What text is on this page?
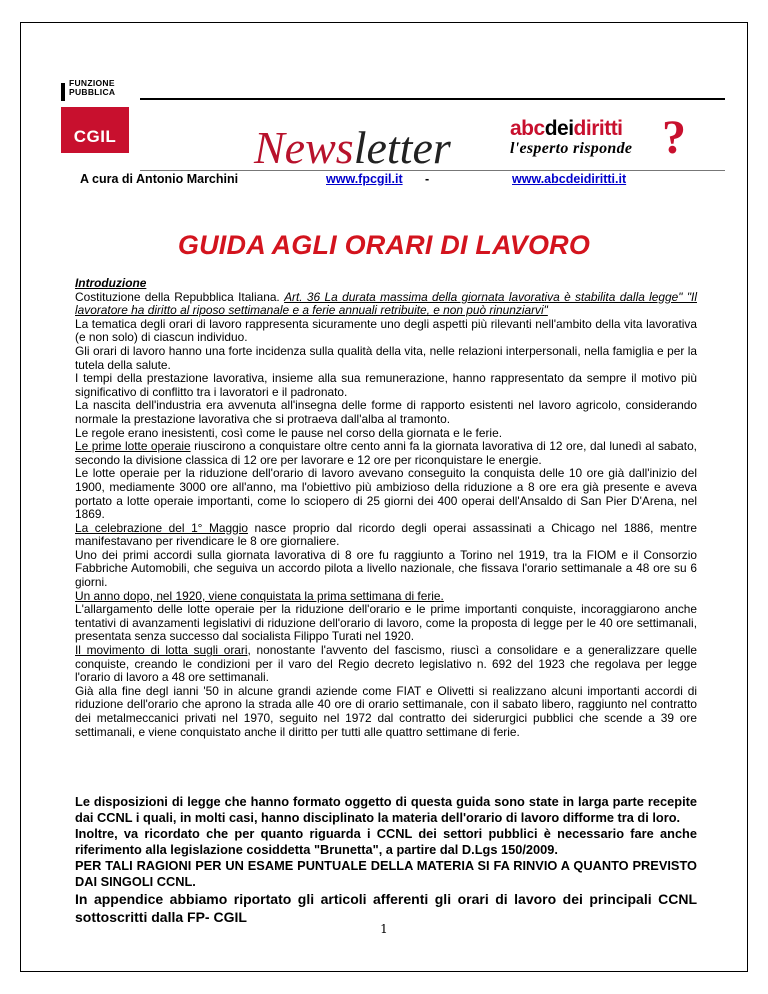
FUNZIONE
PUBBLICA
CGIL	Newsletter	abcdeidiritti
l'esperto risponde ?
A cura di Antonio Marchini	www.fpcgil.it -	www.abcdeidiritti.it
GUIDA AGLI ORARI DI LAVORO

Introduzione

Costituzione della Repubblica Italiana. Art. 36 La durata massima della giornata lavorativa è stabilita dalla legge" "Il lavoratore ha diritto al riposo settimanale e a ferie annuali retribuite, e non può rinunziarvi"

La tematica degli orari di lavoro rappresenta sicuramente uno degli aspetti più rilevanti nell'ambito della vita lavorativa (e non solo) di ciascun individuo.

Gli orari di lavoro hanno una forte incidenza sulla qualità della vita, nelle relazioni interpersonali, nella famiglia e per la tutela della salute.

I tempi della prestazione lavorativa, insieme alla sua remunerazione, hanno rappresentato da sempre il motivo più significativo di conflitto tra i lavoratori e il padronato.

La nascita dell'industria era avvenuta all'insegna delle forme di rapporto esistenti nel lavoro agricolo, considerando normale la prestazione lavorativa che si protraeva dall'alba al tramonto.

Le regole erano inesistenti, così come le pause nel corso della giornata e le ferie.

Le prime lotte operaie riuscirono a conquistare oltre cento anni fa la giornata lavorativa di 12 ore, dal lunedì al sabato, secondo la divisione classica di 12 ore per lavorare e 12 ore per riconquistare le energie.

Le lotte operaie per la riduzione dell'orario di lavoro avevano conseguito la conquista delle 10 ore già dall'inizio del 1900, mediamente 3000 ore all'anno, ma l'obiettivo più ambizioso della riduzione a 8 ore era già presente e aveva portato a lotte operaie importanti, come lo sciopero di 25 giorni dei 400 operai dell'Ansaldo di San Pier D'Arena, nel 1869.

La celebrazione del 1° Maggio nasce proprio dal ricordo degli operai assassinati a Chicago nel 1886, mentre manifestavano per rivendicare le 8 ore giornaliere.

Uno dei primi accordi sulla giornata lavorativa di 8 ore fu raggiunto a Torino nel 1919, tra la FIOM e il Consorzio Fabbriche Automobili, che seguiva un accordo pilota a livello nazionale, che fissava l'orario settimanale a 48 ore su 6 giorni.

Un anno dopo, nel 1920, viene conquistata la prima settimana di ferie.

L'allargamento delle lotte operaie per la riduzione dell'orario e le prime importanti conquiste, incoraggiarono anche tentativi di avanzamenti legislativi di riduzione dell'orario di lavoro, come la proposta di legge per le 40 ore settimanali, presentata senza successo dal socialista Filippo Turati nel 1920.

Il movimento di lotta sugli orari, nonostante l'avvento del fascismo, riuscì a consolidare e a generalizzare quelle conquiste, creando le condizioni per il varo del Regio decreto legislativo n. 692 del 1923 che regolava per legge l'orario di lavoro a 48 ore settimanali.

Già alla fine degl ianni '50 in alcune grandi aziende come FIAT e Olivetti si realizzano alcuni importanti accordi di riduzione dell'orario che aprono la strada alle 40 ore di orario settimanale, con il sabato libero, raggiunto nel contratto dei metalmeccanici privati nel 1970, seguito nel 1972 dal contratto dei siderurgici pubblici che scende a 39 ore settimanali, e viene conquistato anche il diritto per tutti alle quattro settimane di ferie.

Le disposizioni di legge che hanno formato oggetto di questa guida sono state in larga parte recepite dai CCNL i quali, in molti casi, hanno disciplinato la materia dell'orario di lavoro difforme tra di loro.

Inoltre, va ricordato che per quanto riguarda i CCNL dei settori pubblici è necessario fare anche riferimento alla legislazione cosiddetta "Brunetta", a partire dal D.Lgs 150/2009.

PER TALI RAGIONI PER UN ESAME PUNTUALE DELLA MATERIA SI FA RINVIO A QUANTO PREVISTO DAI SINGOLI CCNL.

In appendice abbiamo riportato gli articoli afferenti gli orari di lavoro dei principali CCNL sottoscritti dalla FP- CGIL

1
